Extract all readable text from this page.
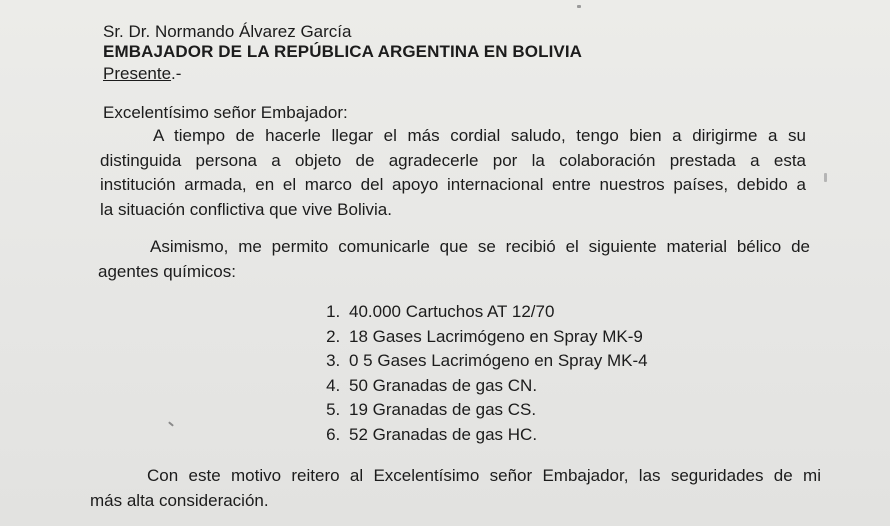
Sr. Dr. Normando Álvarez García
EMBAJADOR DE LA REPÚBLICA ARGENTINA EN BOLIVIA
Presente.-
Excelentísimo señor Embajador:
A tiempo de hacerle llegar el más cordial saludo, tengo bien a dirigirme a su
distinguida persona a objeto de agradecerle por la colaboración prestada a esta
institución armada, en el marco del apoyo internacional entre nuestros países, debido a
la situación conflictiva que vive Bolivia.
Asimismo, me permito comunicarle que se recibió el siguiente material bélico de
agentes químicos:
1. 40.000 Cartuchos AT 12/70
2. 18 Gases Lacrimógeno en Spray MK-9
3. 0 5 Gases Lacrimógeno en Spray MK-4
4. 50 Granadas de gas CN.
5. 19 Granadas de gas CS.
6. 52 Granadas de gas HC.
Con este motivo reitero al Excelentísimo señor Embajador, las seguridades de mi
más alta consideración.
